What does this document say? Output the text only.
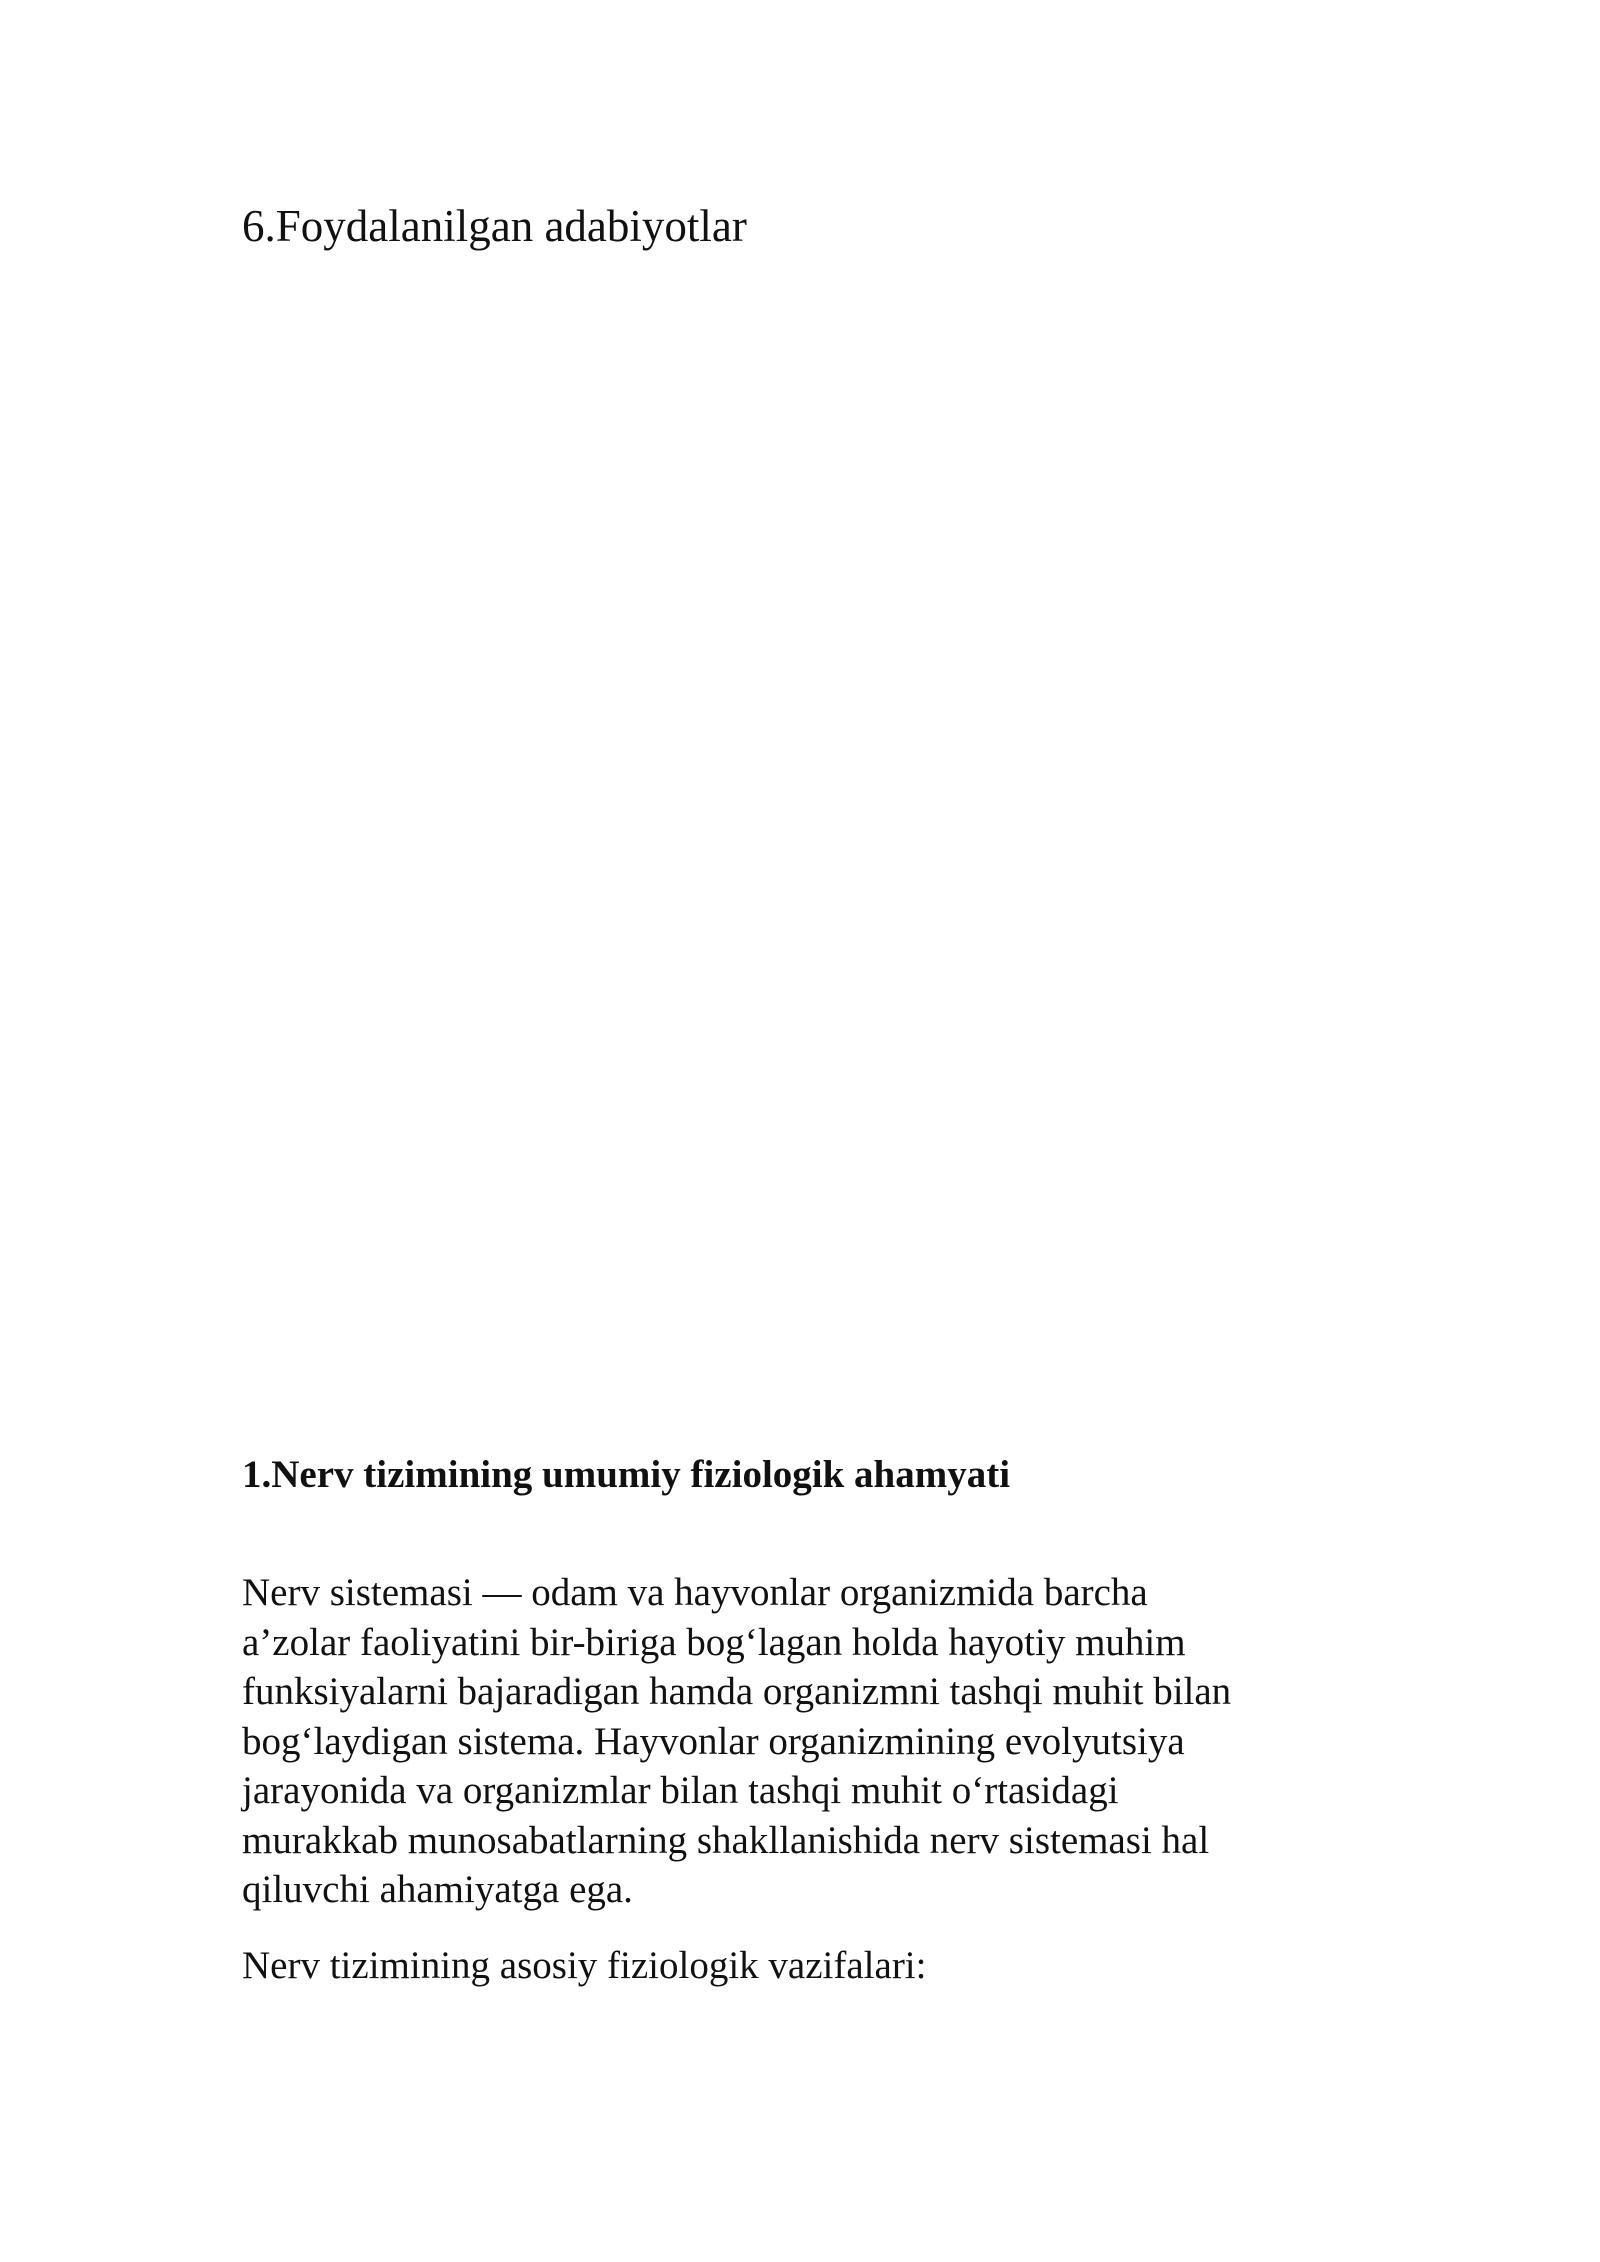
6.Foydalanilgan adabiyotlar

1.Nerv tizimining umumiy fiziologik ahamyati

Nerv sistemasi — odam va hayvonlar organizmida barcha
a’zolar faoliyatini bir-biriga bog‘lagan holda hayotiy muhim
funksiyalarni bajaradigan hamda organizmni tashqi muhit bilan
bog‘laydigan sistema. Hayvonlar organizmining evolyutsiya
jarayonida va organizmlar bilan tashqi muhit o‘rtasidagi
murakkab munosabatlarning shakllanishida nerv sistemasi hal
qiluvchi ahamiyatga ega.

Nerv tizimining asosiy fiziologik vazifalari:
